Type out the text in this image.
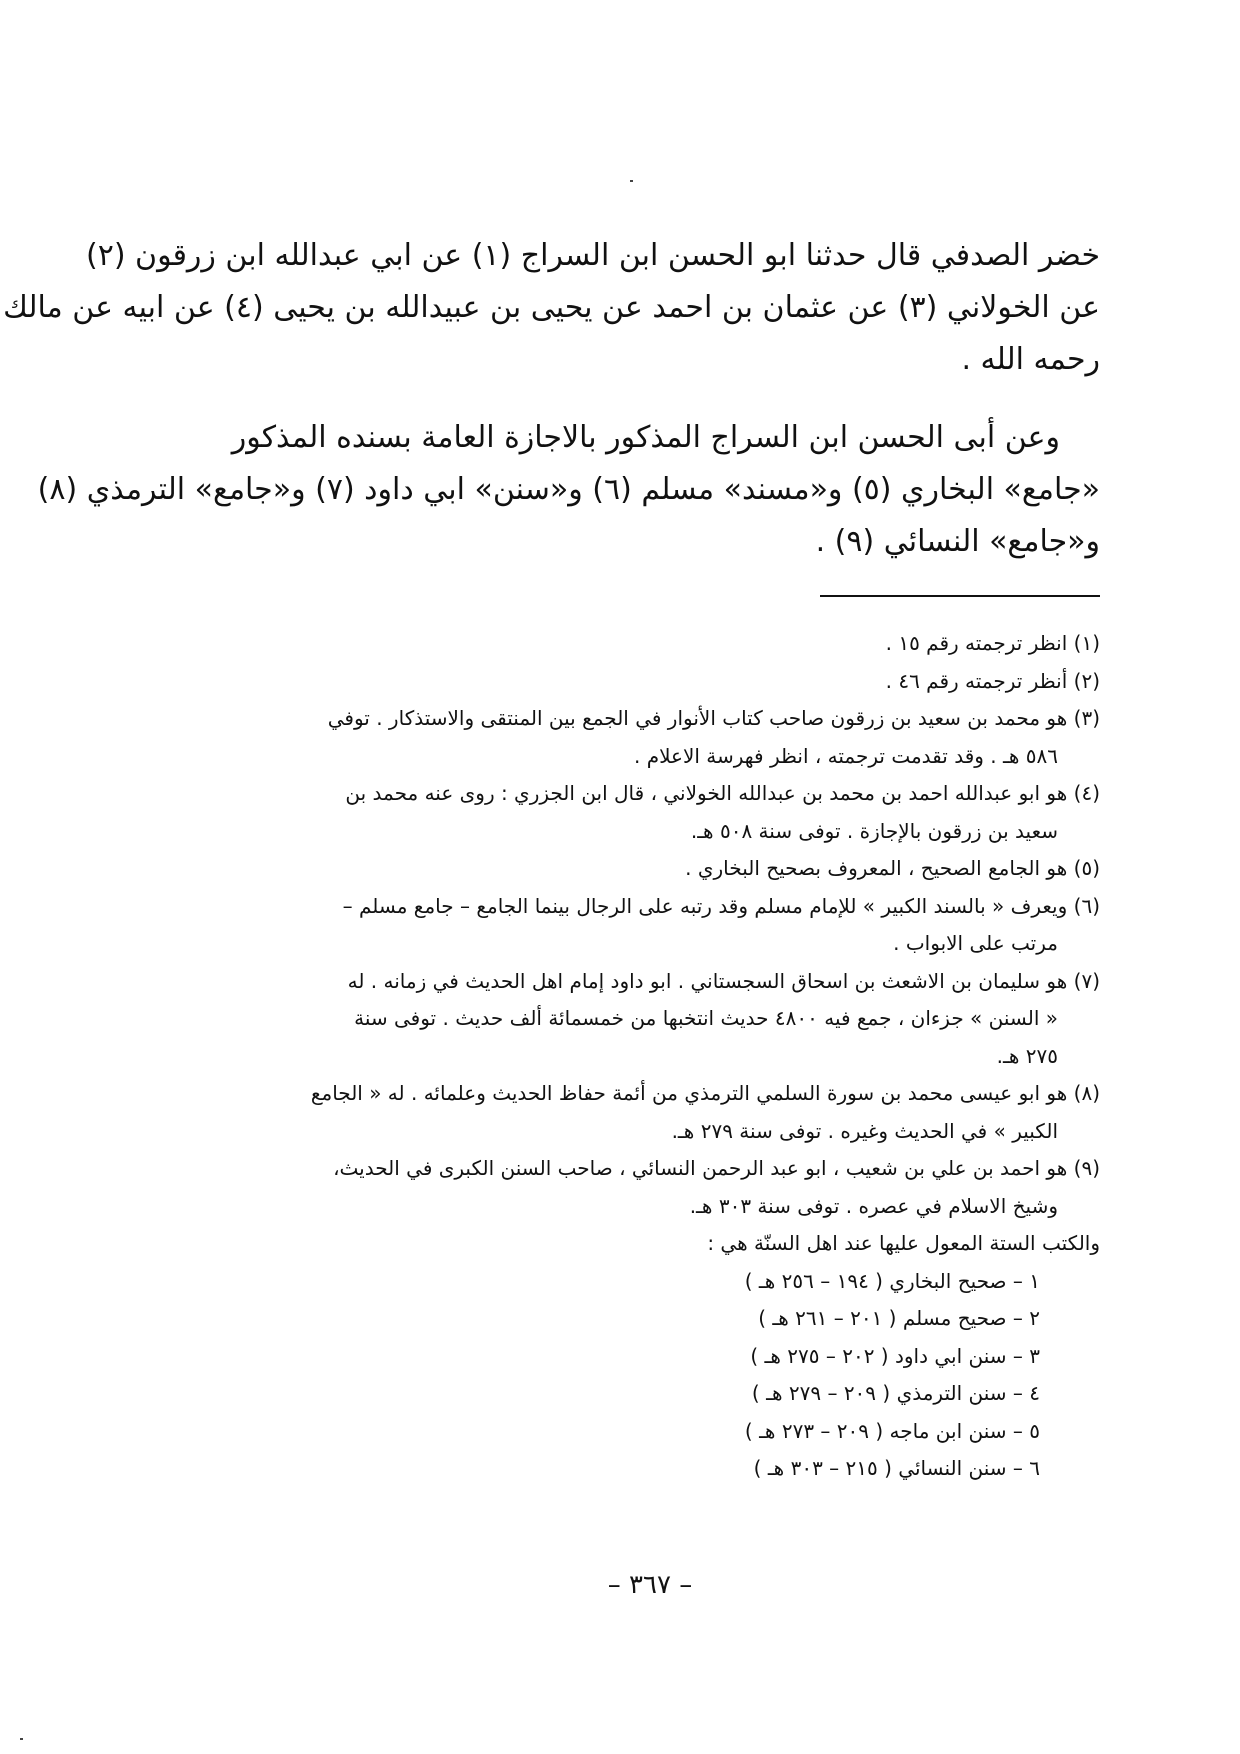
خضر الصدفي قال حدثنا ابو الحسن ابن السراج (١) عن ابي عبدالله ابن زرقون (٢)
عن الخولاني (٣) عن عثمان بن احمد عن يحيى بن عبيدالله بن يحيى (٤) عن ابيه عن مالك
رحمه الله .
وعن أبى الحسن ابن السراج المذكور بالاجازة العامة بسنده المذكور
«جامع» البخاري (٥) و«مسند» مسلم (٦) و«سنن» ابي داود (٧) و«جامع» الترمذي (٨)
و«جامع» النسائي (٩) .
(١) انظر ترجمته رقم ١٥ .
(٢) أنظر ترجمته رقم ٤٦ .
(٣) هو محمد بن سعيد بن زرقون صاحب كتاب الأنوار في الجمع بين المنتقى والاستذكار . توفي
٥٨٦ هـ . وقد تقدمت ترجمته ، انظر فهرسة الاعلام .
(٤) هو ابو عبدالله احمد بن محمد بن عبدالله الخولاني ، قال ابن الجزري : روى عنه محمد بن
سعيد بن زرقون بالإجازة . توفى سنة ٥٠٨ هـ.
(٥) هو الجامع الصحيح ، المعروف بصحيح البخاري .
(٦) ويعرف « بالسند الكبير » للإمام مسلم وقد رتبه على الرجال بينما الجامع – جامع مسلم –
مرتب على الابواب .
(٧) هو سليمان بن الاشعث بن اسحاق السجستاني . ابو داود إمام اهل الحديث في زمانه . له
« السنن » جزءان ، جمع فيه ٤٨٠٠ حديث انتخبها من خمسمائة ألف حديث . توفى سنة
٢٧٥ هـ.
(٨) هو ابو عيسى محمد بن سورة السلمي الترمذي من أئمة حفاظ الحديث وعلمائه . له « الجامع
الكبير » في الحديث وغيره . توفى سنة ٢٧٩ هـ.
(٩) هو احمد بن علي بن شعيب ، ابو عبد الرحمن النسائي ، صاحب السنن الكبرى في الحديث،
وشيخ الاسلام في عصره . توفى سنة ٣٠٣ هـ.
والكتب الستة المعول عليها عند اهل السنّة هي :
١ – صحيح البخاري ( ١٩٤ – ٢٥٦ هـ )
٢ – صحيح مسلم ( ٢٠١ – ٢٦١ هـ )
٣ – سنن ابي داود ( ٢٠٢ – ٢٧٥ هـ )
٤ – سنن الترمذي ( ٢٠٩ – ٢٧٩ هـ )
٥ – سنن ابن ماجه ( ٢٠٩ – ٢٧٣ هـ )
٦ – سنن النسائي ( ٢١٥ – ٣٠٣ هـ )
– ٣٦٧ –
